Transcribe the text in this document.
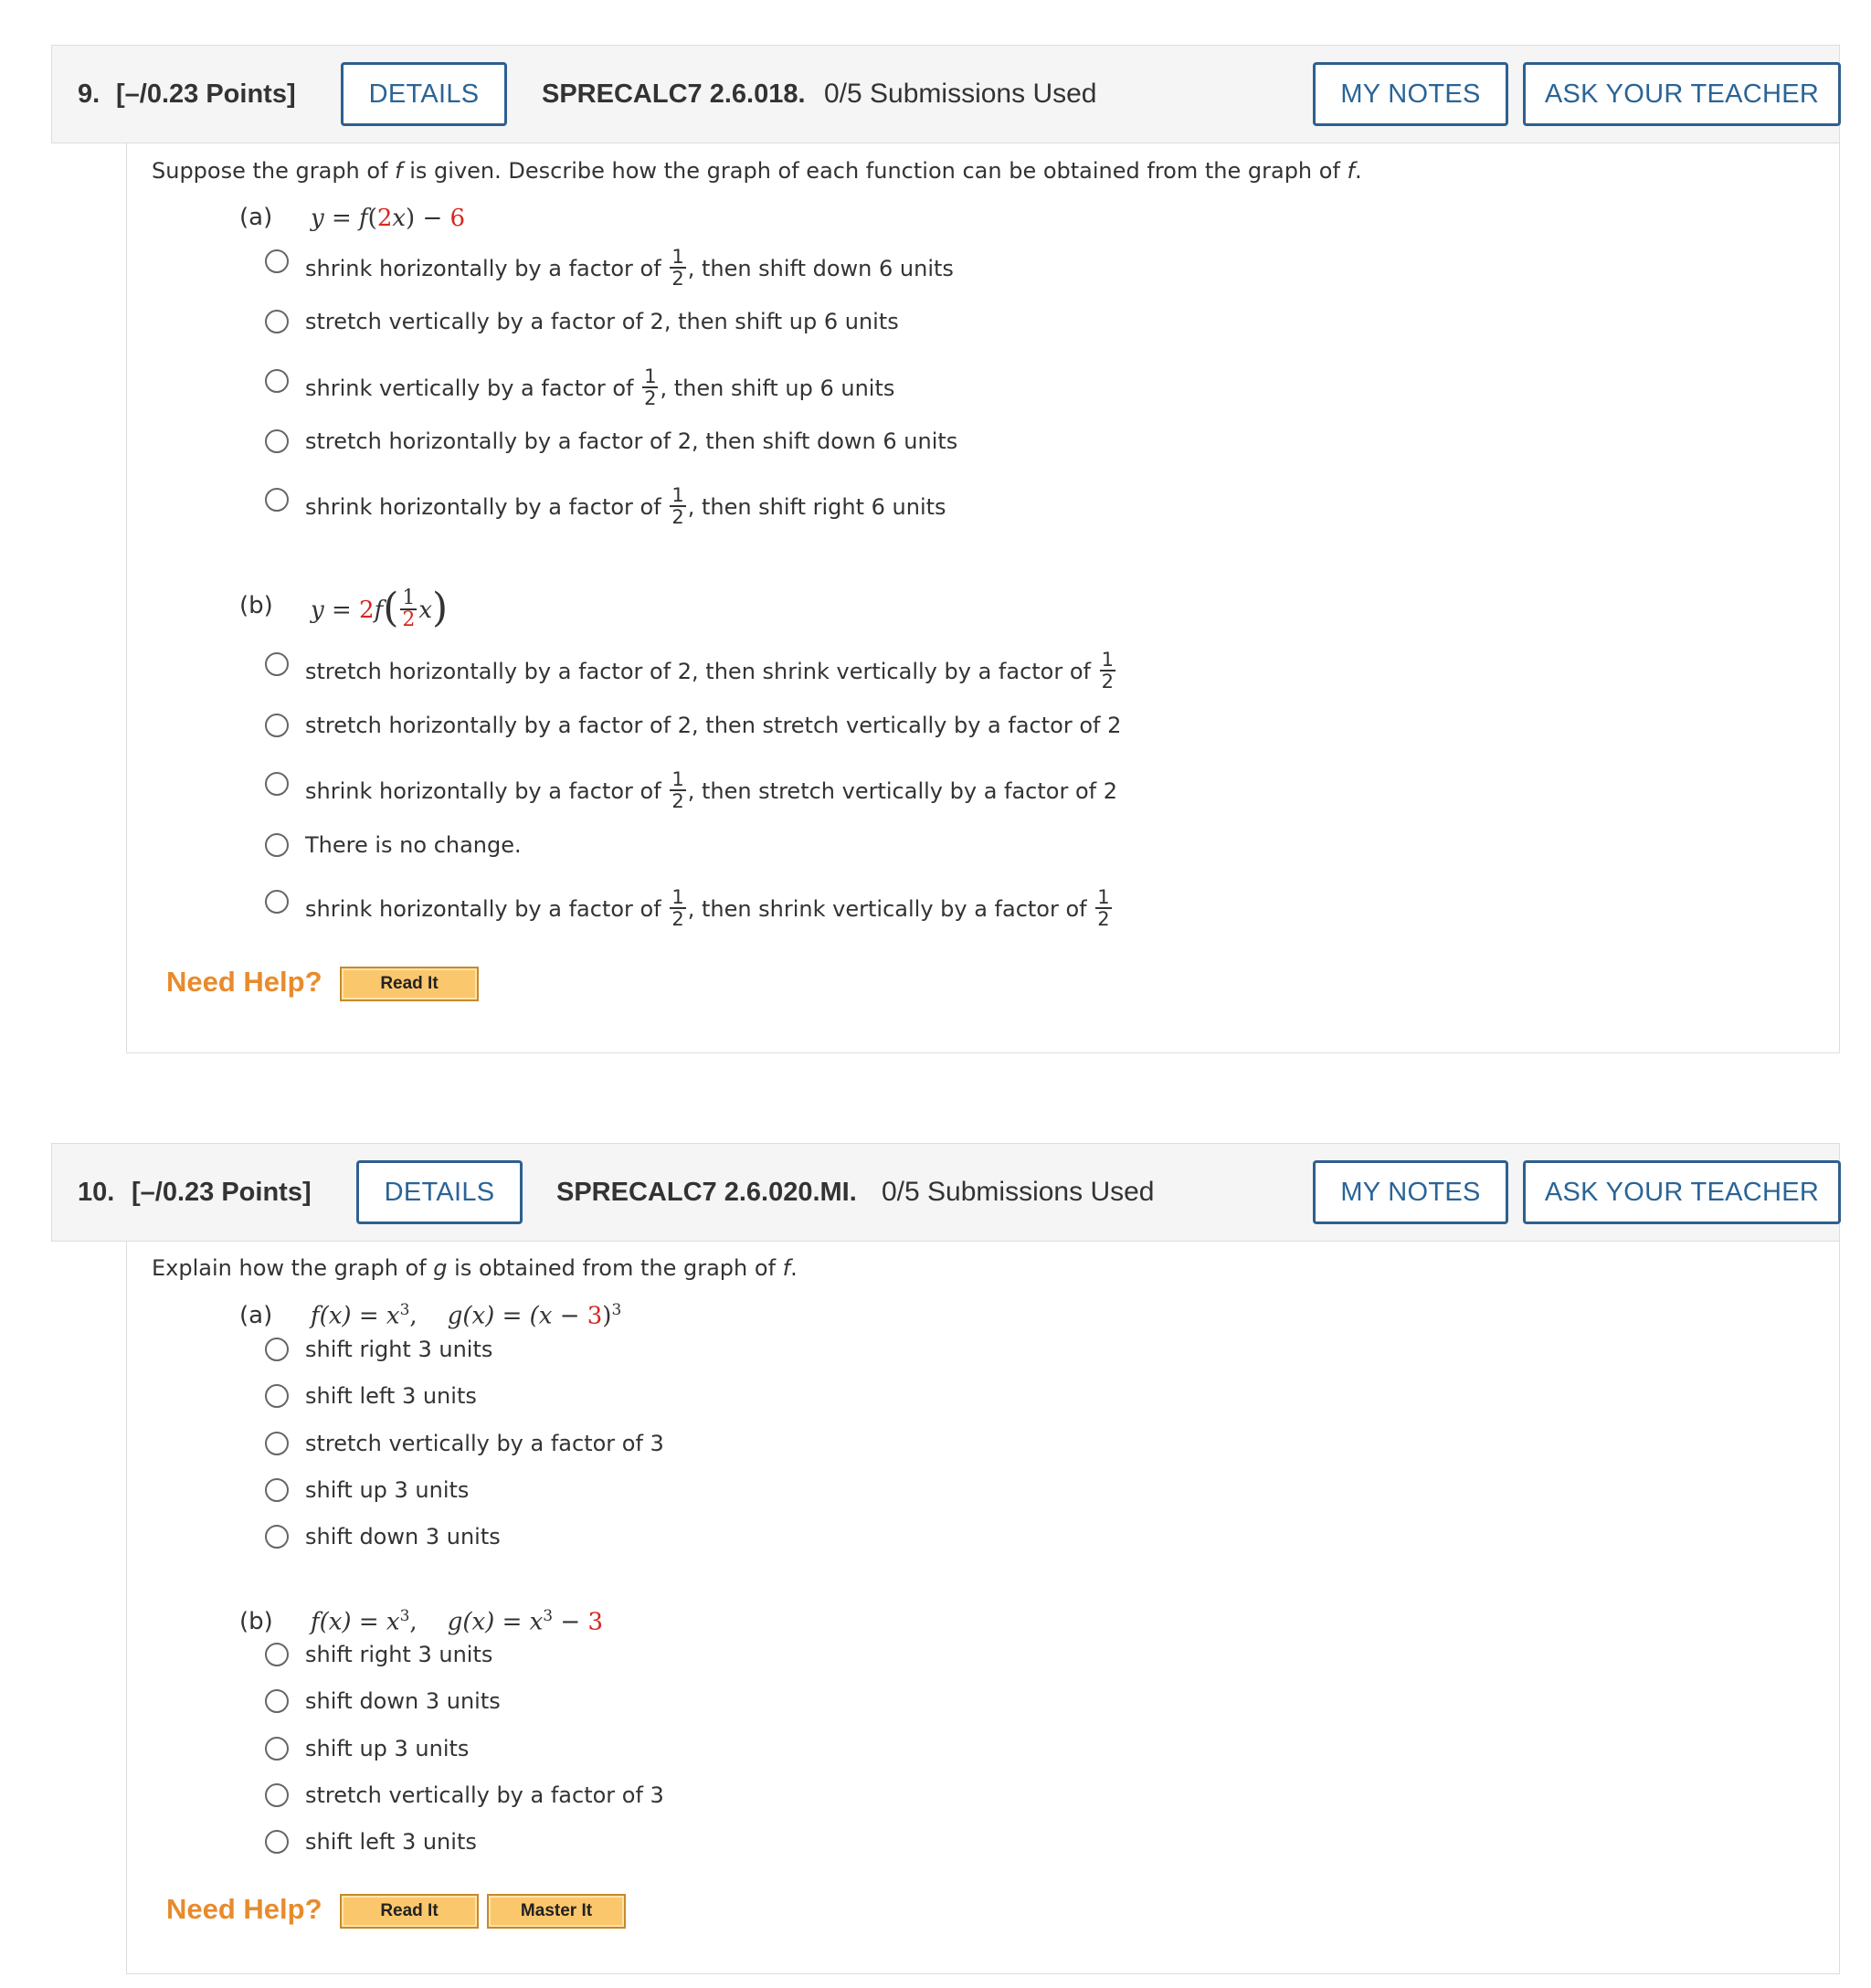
9. [–/0.23 Points]	DETAILS	SPRECALC7 2.6.018. 0/5 Submissions Used	MY NOTES	ASK YOUR TEACHER
Suppose the graph of f is given. Describe how the graph of each function can be obtained from the graph of f.
(a) y = f(2x) − 6
shrink horizontally by a factor of $\frac{1}{2}$ , then shift down 6 units
stretch vertically by a factor of 2, then shift up 6 units
shrink vertically by a factor of $\frac{1}{2}$ , then shift up 6 units
stretch horizontally by a factor of 2, then shift down 6 units
shrink horizontally by a factor of $\frac{1}{2}$ , then shift right 6 units
(b) $y = 2f( \frac{1}{2} x)$
stretch horizontally by a factor of 2, then shrink vertically by a factor of $\frac{1}{2}$
stretch horizontally by a factor of 2, then stretch vertically by a factor of 2
shrink horizontally by a factor of $\frac{1}{2}$ , then stretch vertically by a factor of 2
There is no change.
shrink horizontally by a factor of $\frac{1}{2}$ , then shrink vertically by a factor of $\frac{1}{2}$
Need Help?	Read It
10. [–/0.23 Points]	DETAILS	SPRECALC7 2.6.020.MI. 0/5 Submissions Used	MY NOTES	ASK YOUR TEACHER
Explain how the graph of g is obtained from the graph of f.
(a) $f(x) = x^3$,    $g(x) = (x - 3)^3$
shift right 3 units
shift left 3 units
stretch vertically by a factor of 3
shift up 3 units
shift down 3 units
(b) $f(x) = x^3$,    $g(x) = x^3 - 3$
shift right 3 units
shift down 3 units
shift up 3 units
stretch vertically by a factor of 3
shift left 3 units
Need Help?	Read It	Master It
